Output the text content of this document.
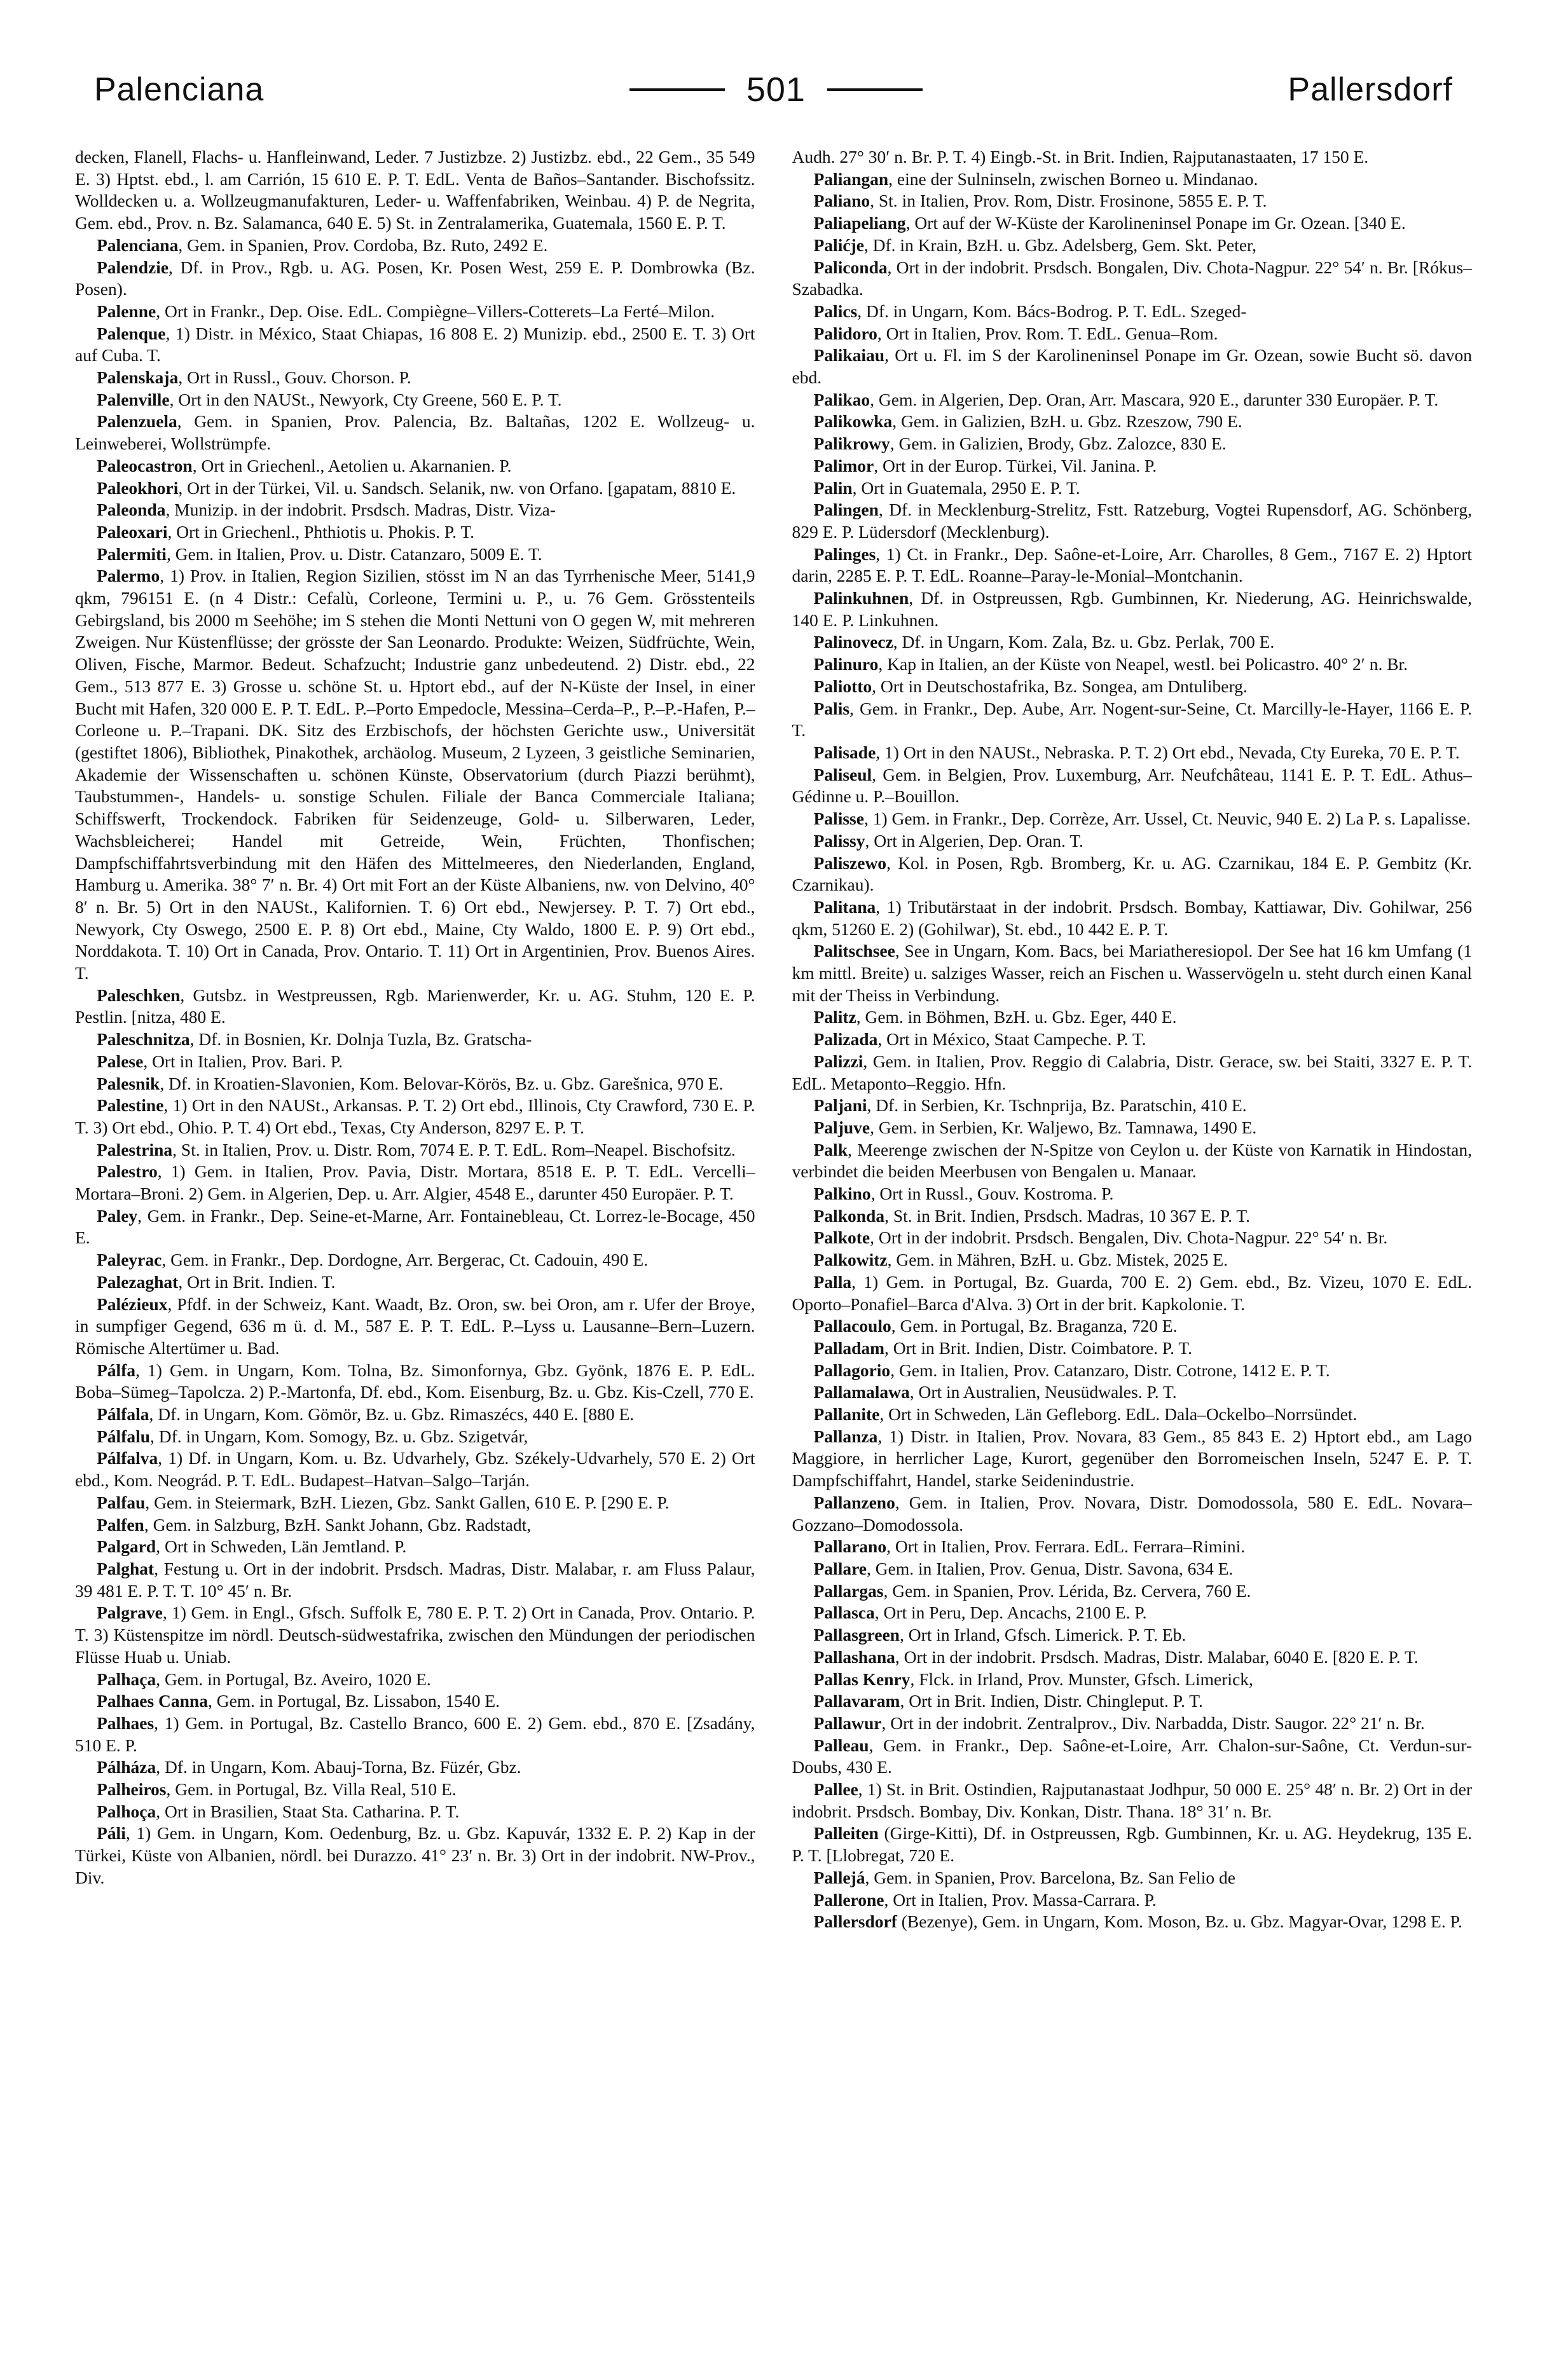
Palenciana	501	Pallersdorf

decken, Flanell, Flachs- u. Hanfleinwand, Leder. 7 Justizbze. 2) Justizbz. ebd., 22 Gem., 35 549 E. 3) Hptst. ebd., l. am Carrión, 15 610 E. P. T. EdL. Venta de Baños–Santander. Bischofssitz. Wolldecken u. a. Wollzeugmanufakturen, Leder- u. Waffenfabriken, Weinbau. 4) P. de Negrita, Gem. ebd., Prov. n. Bz. Salamanca, 640 E. 5) St. in Zentralamerika, Guatemala, 1560 E. P. T.

Palenciana, Gem. in Spanien, Prov. Cordoba, Bz. Ruto, 2492 E.

Palendzie, Df. in Prov., Rgb. u. AG. Posen, Kr. Posen West, 259 E. P. Dombrowka (Bz. Posen).

Palenne, Ort in Frankr., Dep. Oise. EdL. Compiègne–Villers-Cotterets–La Ferté–Milon.

Palenque, 1) Distr. in México, Staat Chiapas, 16 808 E. 2) Munizip. ebd., 2500 E. T. 3) Ort auf Cuba. T.

Palenskaja, Ort in Russl., Gouv. Chorson. P.

Palenville, Ort in den NAUSt., Newyork, Cty Greene, 560 E. P. T.

Palenzuela, Gem. in Spanien, Prov. Palencia, Bz. Baltañas, 1202 E. Wollzeug- u. Leinweberei, Wollstrümpfe.

Paleocastron, Ort in Griechenl., Aetolien u. Akarnanien. P.

Paleokhori, Ort in der Türkei, Vil. u. Sandsch. Selanik, nw. von Orfano. [gapatam, 8810 E.

Paleonda, Munizip. in der indobrit. Prsdsch. Madras, Distr. Viza-

Paleoxari, Ort in Griechenl., Phthiotis u. Phokis. P. T.

Palermiti, Gem. in Italien, Prov. u. Distr. Catanzaro, 5009 E. T.

Palermo, 1) Prov. in Italien, Region Sizilien, stösst im N an das Tyrrhenische Meer, 5141,9 qkm, 796151 E. (n 4 Distr.: Cefalù, Corleone, Termini u. P., u. 76 Gem. Grösstenteils Gebirgsland, bis 2000 m Seehöhe; im S stehen die Monti Nettuni von O gegen W, mit mehreren Zweigen. Nur Küstenflüsse; der grösste der San Leonardo. Produkte: Weizen, Südfrüchte, Wein, Oliven, Fische, Marmor. Bedeut. Schafzucht; Industrie ganz unbedeutend. 2) Distr. ebd., 22 Gem., 513 877 E. 3) Grosse u. schöne St. u. Hptort ebd., auf der N-Küste der Insel, in einer Bucht mit Hafen, 320 000 E. P. T. EdL. P.–Porto Empedocle, Messina–Cerda–P., P.–P.-Hafen, P.–Corleone u. P.–Trapani. DK. Sitz des Erzbischofs, der höchsten Gerichte usw., Universität (gestiftet 1806), Bibliothek, Pinakothek, archäolog. Museum, 2 Lyzeen, 3 geistliche Seminarien, Akademie der Wissenschaften u. schönen Künste, Observatorium (durch Piazzi berühmt), Taubstummen-, Handels- u. sonstige Schulen. Filiale der Banca Commerciale Italiana; Schiffswerft, Trockendock. Fabriken für Seidenzeuge, Gold- u. Silberwaren, Leder, Wachsbleicherei; Handel mit Getreide, Wein, Früchten, Thonfischen; Dampfschiffahrtsverbindung mit den Häfen des Mittelmeeres, den Niederlanden, England, Hamburg u. Amerika. 38° 7′ n. Br. 4) Ort mit Fort an der Küste Albaniens, nw. von Delvino, 40° 8′ n. Br. 5) Ort in den NAUSt., Kalifornien. T. 6) Ort ebd., Newjersey. P. T. 7) Ort ebd., Newyork, Cty Oswego, 2500 E. P. 8) Ort ebd., Maine, Cty Waldo, 1800 E. P. 9) Ort ebd., Norddakota. T. 10) Ort in Canada, Prov. Ontario. T. 11) Ort in Argentinien, Prov. Buenos Aires. T.

Paleschken, Gutsbz. in Westpreussen, Rgb. Marienwerder, Kr. u. AG. Stuhm, 120 E. P. Pestlin. [nitza, 480 E.

Paleschnitza, Df. in Bosnien, Kr. Dolnja Tuzla, Bz. Gratscha-

Palese, Ort in Italien, Prov. Bari. P.

Palesnik, Df. in Kroatien-Slavonien, Kom. Belovar-Körös, Bz. u. Gbz. Garešnica, 970 E.

Palestine, 1) Ort in den NAUSt., Arkansas. P. T. 2) Ort ebd., Illinois, Cty Crawford, 730 E. P. T. 3) Ort ebd., Ohio. P. T. 4) Ort ebd., Texas, Cty Anderson, 8297 E. P. T.

Palestrina, St. in Italien, Prov. u. Distr. Rom, 7074 E. P. T. EdL. Rom–Neapel. Bischofsitz.

Palestro, 1) Gem. in Italien, Prov. Pavia, Distr. Mortara, 8518 E. P. T. EdL. Vercelli–Mortara–Broni. 2) Gem. in Algerien, Dep. u. Arr. Algier, 4548 E., darunter 450 Europäer. P. T.

Paley, Gem. in Frankr., Dep. Seine-et-Marne, Arr. Fontainebleau, Ct. Lorrez-le-Bocage, 450 E.

Paleyrac, Gem. in Frankr., Dep. Dordogne, Arr. Bergerac, Ct. Cadouin, 490 E.

Palezaghat, Ort in Brit. Indien. T.

Palézieux, Pfdf. in der Schweiz, Kant. Waadt, Bz. Oron, sw. bei Oron, am r. Ufer der Broye, in sumpfiger Gegend, 636 m ü. d. M., 587 E. P. T. EdL. P.–Lyss u. Lausanne–Bern–Luzern. Römische Altertümer u. Bad.

Pálfa, 1) Gem. in Ungarn, Kom. Tolna, Bz. Simonfornya, Gbz. Gyönk, 1876 E. P. EdL. Boba–Sümeg–Tapolcza. 2) P.-Martonfa, Df. ebd., Kom. Eisenburg, Bz. u. Gbz. Kis-Czell, 770 E.

Pálfala, Df. in Ungarn, Kom. Gömör, Bz. u. Gbz. Rimaszécs, 440 E. [880 E.

Pálfalu, Df. in Ungarn, Kom. Somogy, Bz. u. Gbz. Szigetvár,

Pálfalva, 1) Df. in Ungarn, Kom. u. Bz. Udvarhely, Gbz. Székely-Udvarhely, 570 E. 2) Ort ebd., Kom. Neográd. P. T. EdL. Budapest–Hatvan–Salgo–Tarján.

Palfau, Gem. in Steiermark, BzH. Liezen, Gbz. Sankt Gallen, 610 E. P. [290 E. P.

Palfen, Gem. in Salzburg, BzH. Sankt Johann, Gbz. Radstadt,

Palgard, Ort in Schweden, Län Jemtland. P.

Palghat, Festung u. Ort in der indobrit. Prsdsch. Madras, Distr. Malabar, r. am Fluss Palaur, 39 481 E. P. T. T. 10° 45′ n. Br.

Palgrave, 1) Gem. in Engl., Gfsch. Suffolk E, 780 E. P. T. 2) Ort in Canada, Prov. Ontario. P. T. 3) Küstenspitze im nördl. Deutsch-südwestafrika, zwischen den Mündungen der periodischen Flüsse Huab u. Uniab.

Palhaça, Gem. in Portugal, Bz. Aveiro, 1020 E.

Palhaes Canna, Gem. in Portugal, Bz. Lissabon, 1540 E.

Palhaes, 1) Gem. in Portugal, Bz. Castello Branco, 600 E. 2) Gem. ebd., 870 E. [Zsadány, 510 E. P.

Pálháza, Df. in Ungarn, Kom. Abauj-Torna, Bz. Füzér, Gbz.

Palheiros, Gem. in Portugal, Bz. Villa Real, 510 E.

Palhoça, Ort in Brasilien, Staat Sta. Catharina. P. T.

Páli, 1) Gem. in Ungarn, Kom. Oedenburg, Bz. u. Gbz. Kapuvár, 1332 E. P. 2) Kap in der Türkei, Küste von Albanien, nördl. bei Durazzo. 41° 23′ n. Br. 3) Ort in der indobrit. NW-Prov., Div.

Audh. 27° 30′ n. Br. P. T. 4) Eingb.-St. in Brit. Indien, Rajputanastaaten, 17 150 E.

Paliangan, eine der Sulninseln, zwischen Borneo u. Mindanao.

Paliano, St. in Italien, Prov. Rom, Distr. Frosinone, 5855 E. P. T.

Paliapeliang, Ort auf der W-Küste der Karolineninsel Ponape im Gr. Ozean. [340 E.

Palićje, Df. in Krain, BzH. u. Gbz. Adelsberg, Gem. Skt. Peter,

Paliconda, Ort in der indobrit. Prsdsch. Bongalen, Div. Chota-Nagpur. 22° 54′ n. Br. [Rókus–Szabadka.

Palics, Df. in Ungarn, Kom. Bács-Bodrog. P. T. EdL. Szeged-

Palidoro, Ort in Italien, Prov. Rom. T. EdL. Genua–Rom.

Palikaiau, Ort u. Fl. im S der Karolineninsel Ponape im Gr. Ozean, sowie Bucht sö. davon ebd.

Palikao, Gem. in Algerien, Dep. Oran, Arr. Mascara, 920 E., darunter 330 Europäer. P. T.

Palikowka, Gem. in Galizien, BzH. u. Gbz. Rzeszow, 790 E.

Palikrowy, Gem. in Galizien, Brody, Gbz. Zalozce, 830 E.

Palimor, Ort in der Europ. Türkei, Vil. Janina. P.

Palin, Ort in Guatemala, 2950 E. P. T.

Palingen, Df. in Mecklenburg-Strelitz, Fstt. Ratzeburg, Vogtei Rupensdorf, AG. Schönberg, 829 E. P. Lüdersdorf (Mecklenburg).

Palinges, 1) Ct. in Frankr., Dep. Saône-et-Loire, Arr. Charolles, 8 Gem., 7167 E. 2) Hptort darin, 2285 E. P. T. EdL. Roanne–Paray-le-Monial–Montchanin.

Palinkuhnen, Df. in Ostpreussen, Rgb. Gumbinnen, Kr. Niederung, AG. Heinrichswalde, 140 E. P. Linkuhnen.

Palinovecz, Df. in Ungarn, Kom. Zala, Bz. u. Gbz. Perlak, 700 E.

Palinuro, Kap in Italien, an der Küste von Neapel, westl. bei Policastro. 40° 2′ n. Br.

Paliotto, Ort in Deutschostafrika, Bz. Songea, am Dntuliberg.

Palis, Gem. in Frankr., Dep. Aube, Arr. Nogent-sur-Seine, Ct. Marcilly-le-Hayer, 1166 E. P. T.

Palisade, 1) Ort in den NAUSt., Nebraska. P. T. 2) Ort ebd., Nevada, Cty Eureka, 70 E. P. T.

Paliseul, Gem. in Belgien, Prov. Luxemburg, Arr. Neufchâteau, 1141 E. P. T. EdL. Athus–Gédinne u. P.–Bouillon.

Palisse, 1) Gem. in Frankr., Dep. Corrèze, Arr. Ussel, Ct. Neuvic, 940 E. 2) La P. s. Lapalisse.

Palissy, Ort in Algerien, Dep. Oran. T.

Paliszewo, Kol. in Posen, Rgb. Bromberg, Kr. u. AG. Czarnikau, 184 E. P. Gembitz (Kr. Czarnikau).

Palitana, 1) Tributärstaat in der indobrit. Prsdsch. Bombay, Kattiawar, Div. Gohilwar, 256 qkm, 51260 E. 2) (Gohilwar), St. ebd., 10 442 E. P. T.

Palitschsee, See in Ungarn, Kom. Bacs, bei Mariatheresiopol. Der See hat 16 km Umfang (1 km mittl. Breite) u. salziges Wasser, reich an Fischen u. Wasservögeln u. steht durch einen Kanal mit der Theiss in Verbindung.

Palitz, Gem. in Böhmen, BzH. u. Gbz. Eger, 440 E.

Palizada, Ort in México, Staat Campeche. P. T.

Palizzi, Gem. in Italien, Prov. Reggio di Calabria, Distr. Gerace, sw. bei Staiti, 3327 E. P. T. EdL. Metaponto–Reggio. Hfn.

Paljani, Df. in Serbien, Kr. Tschnprija, Bz. Paratschin, 410 E.

Paljuve, Gem. in Serbien, Kr. Waljewo, Bz. Tamnawa, 1490 E.

Palk, Meerenge zwischen der N-Spitze von Ceylon u. der Küste von Karnatik in Hindostan, verbindet die beiden Meerbusen von Bengalen u. Manaar.

Palkino, Ort in Russl., Gouv. Kostroma. P.

Palkonda, St. in Brit. Indien, Prsdsch. Madras, 10 367 E. P. T.

Palkote, Ort in der indobrit. Prsdsch. Bengalen, Div. Chota-Nagpur. 22° 54′ n. Br.

Palkowitz, Gem. in Mähren, BzH. u. Gbz. Mistek, 2025 E.

Palla, 1) Gem. in Portugal, Bz. Guarda, 700 E. 2) Gem. ebd., Bz. Vizeu, 1070 E. EdL. Oporto–Ponafiel–Barca d'Alva. 3) Ort in der brit. Kapkolonie. T.

Pallacoulo, Gem. in Portugal, Bz. Braganza, 720 E.

Palladam, Ort in Brit. Indien, Distr. Coimbatore. P. T.

Pallagorio, Gem. in Italien, Prov. Catanzaro, Distr. Cotrone, 1412 E. P. T.

Pallamalawa, Ort in Australien, Neusüdwales. P. T.

Pallanite, Ort in Schweden, Län Gefleborg. EdL. Dala–Ockelbo–Norrsündet.

Pallanza, 1) Distr. in Italien, Prov. Novara, 83 Gem., 85 843 E. 2) Hptort ebd., am Lago Maggiore, in herrlicher Lage, Kurort, gegenüber den Borromeischen Inseln, 5247 E. P. T. Dampfschiffahrt, Handel, starke Seidenindustrie.

Pallanzeno, Gem. in Italien, Prov. Novara, Distr. Domodossola, 580 E. EdL. Novara–Gozzano–Domodossola.

Pallarano, Ort in Italien, Prov. Ferrara. EdL. Ferrara–Rimini.

Pallare, Gem. in Italien, Prov. Genua, Distr. Savona, 634 E.

Pallargas, Gem. in Spanien, Prov. Lérida, Bz. Cervera, 760 E.

Pallasca, Ort in Peru, Dep. Ancachs, 2100 E. P.

Pallasgreen, Ort in Irland, Gfsch. Limerick. P. T. Eb.

Pallashana, Ort in der indobrit. Prsdsch. Madras, Distr. Malabar, 6040 E. [820 E. P. T.

Pallas Kenry, Flck. in Irland, Prov. Munster, Gfsch. Limerick,

Pallavaram, Ort in Brit. Indien, Distr. Chingleput. P. T.

Pallawur, Ort in der indobrit. Zentralprov., Div. Narbadda, Distr. Saugor. 22° 21′ n. Br.

Palleau, Gem. in Frankr., Dep. Saône-et-Loire, Arr. Chalon-sur-Saône, Ct. Verdun-sur-Doubs, 430 E.

Pallee, 1) St. in Brit. Ostindien, Rajputanastaat Jodhpur, 50 000 E. 25° 48′ n. Br. 2) Ort in der indobrit. Prsdsch. Bombay, Div. Konkan, Distr. Thana. 18° 31′ n. Br.

Palleiten (Girge-Kitti), Df. in Ostpreussen, Rgb. Gumbinnen, Kr. u. AG. Heydekrug, 135 E. P. T. [Llobregat, 720 E.

Pallejá, Gem. in Spanien, Prov. Barcelona, Bz. San Felio de

Pallerone, Ort in Italien, Prov. Massa-Carrara. P.

Pallersdorf (Bezenye), Gem. in Ungarn, Kom. Moson, Bz. u. Gbz. Magyar-Ovar, 1298 E. P.
